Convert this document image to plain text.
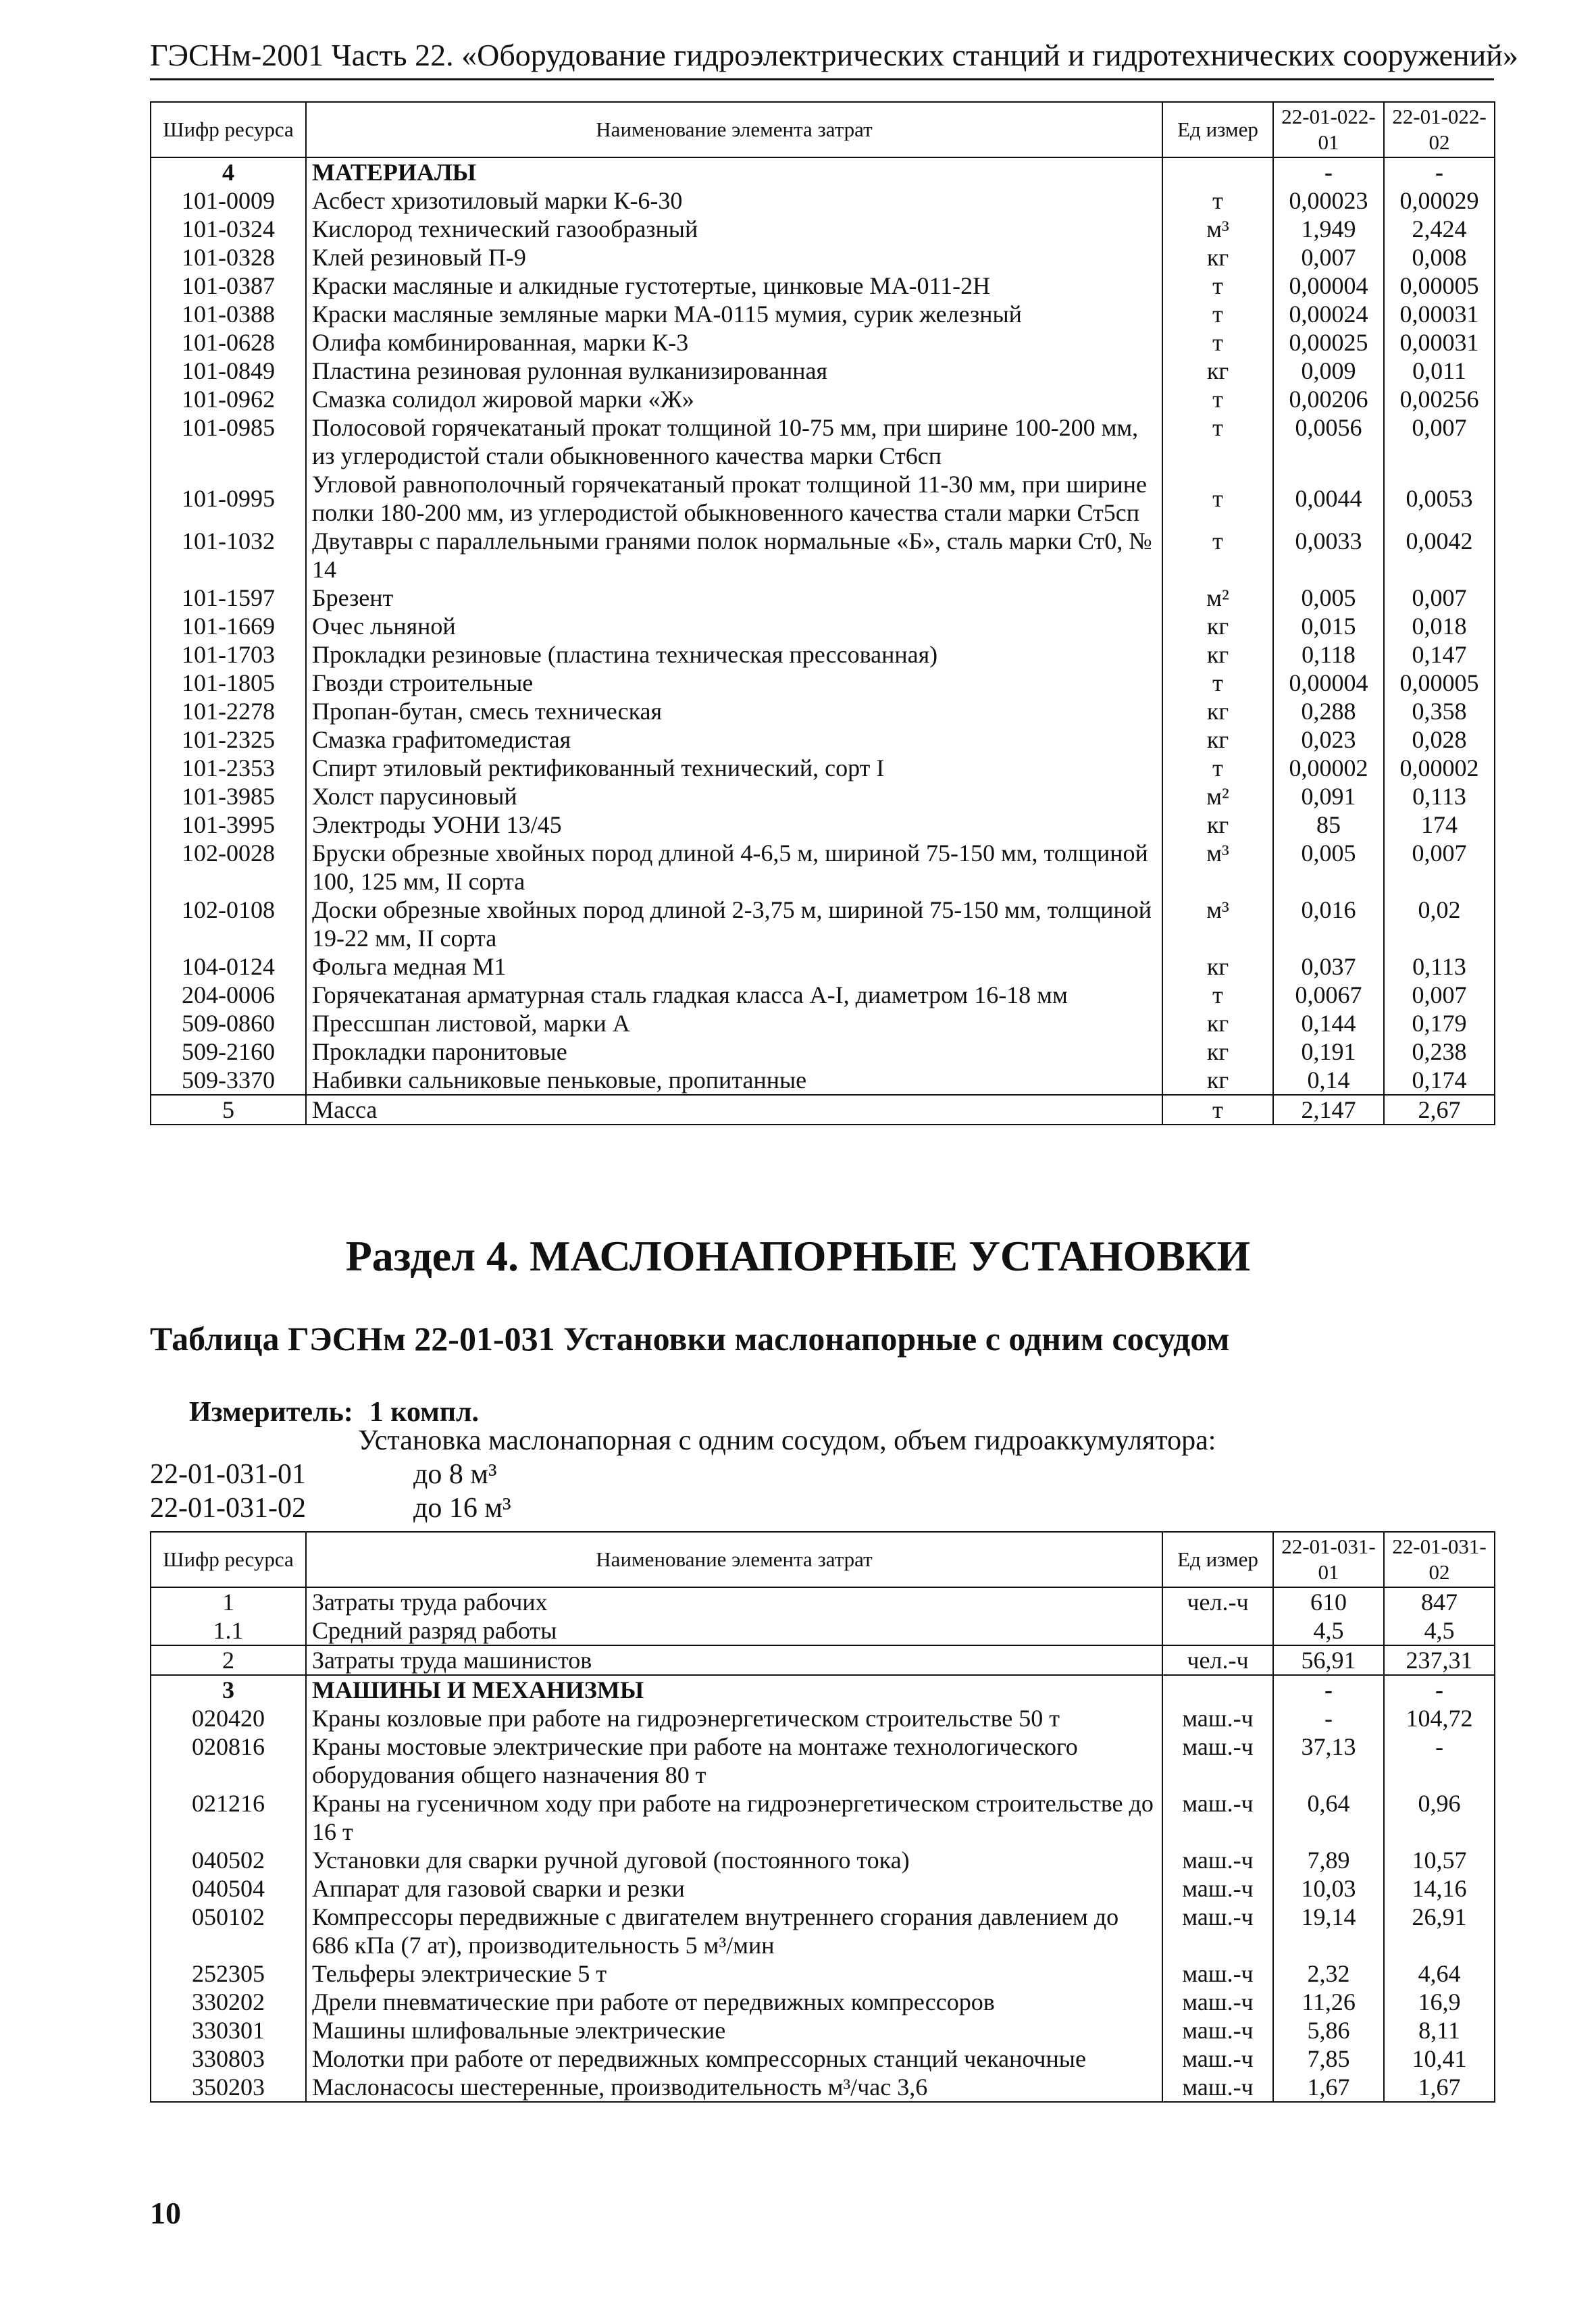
ГЭСНм-2001 Часть 22. «Оборудование гидроэлектрических станций и гидротехнических сооружений»
Шифр ресурса	Наименование элемента затрат	Ед измер	22-01-022-01	22-01-022-02
4	МАТЕРИАЛЫ		-	-
101-0009	Асбест хризотиловый марки К-6-30	т	0,00023	0,00029
101-0324	Кислород технический газообразный	м³	1,949	2,424
101-0328	Клей резиновый П-9	кг	0,007	0,008
101-0387	Краски масляные и алкидные густотертые, цинковые МА-011-2Н	т	0,00004	0,00005
101-0388	Краски масляные земляные марки МА-0115 мумия, сурик железный	т	0,00024	0,00031
101-0628	Олифа комбинированная, марки К-3	т	0,00025	0,00031
101-0849	Пластина резиновая рулонная вулканизированная	кг	0,009	0,011
101-0962	Смазка солидол жировой марки «Ж»	т	0,00206	0,00256
101-0985	Полосовой горячекатаный прокат толщиной 10-75 мм, при ширине 100-200 мм, из углеродистой стали обыкновенного качества марки Ст6сп	т	0,0056	0,007
101-0995	Угловой равнополочный горячекатаный прокат толщиной 11-30 мм, при ширине полки 180-200 мм, из углеродистой обыкновенного качества стали марки Ст5сп	т	0,0044	0,0053
101-1032	Двутавры с параллельными гранями полок нормальные «Б», сталь марки Ст0, № 14	т	0,0033	0,0042
101-1597	Брезент	м²	0,005	0,007
101-1669	Очес льняной	кг	0,015	0,018
101-1703	Прокладки резиновые (пластина техническая прессованная)	кг	0,118	0,147
101-1805	Гвозди строительные	т	0,00004	0,00005
101-2278	Пропан-бутан, смесь техническая	кг	0,288	0,358
101-2325	Смазка графитомедистая	кг	0,023	0,028
101-2353	Спирт этиловый ректификованный технический, сорт I	т	0,00002	0,00002
101-3985	Холст парусиновый	м²	0,091	0,113
101-3995	Электроды УОНИ 13/45	кг	85	174
102-0028	Бруски обрезные хвойных пород длиной 4-6,5 м, шириной 75-150 мм, толщиной 100, 125 мм, II сорта	м³	0,005	0,007
102-0108	Доски обрезные хвойных пород длиной 2-3,75 м, шириной 75-150 мм, толщиной 19-22 мм, II сорта	м³	0,016	0,02
104-0124	Фольга медная М1	кг	0,037	0,113
204-0006	Горячекатаная арматурная сталь гладкая класса А-I, диаметром 16-18 мм	т	0,0067	0,007
509-0860	Прессшпан листовой, марки А	кг	0,144	0,179
509-2160	Прокладки паронитовые	кг	0,191	0,238
509-3370	Набивки сальниковые пеньковые, пропитанные	кг	0,14	0,174
5	Масса	т	2,147	2,67
Раздел 4. МАСЛОНАПОРНЫЕ УСТАНОВКИ
Таблица ГЭСНм 22-01-031 Установки маслонапорные с одним сосудом
Измеритель: 1 компл.
Установка маслонапорная с одним сосудом, объем гидроаккумулятора:
22-01-031-01	до 8 м³
22-01-031-02	до 16 м³
Шифр ресурса	Наименование элемента затрат	Ед измер	22-01-031-01	22-01-031-02
1	Затраты труда рабочих	чел.-ч	610	847
1.1	Средний разряд работы		4,5	4,5
2	Затраты труда машинистов	чел.-ч	56,91	237,31
3	МАШИНЫ И МЕХАНИЗМЫ		-	-
020420	Краны козловые при работе на гидроэнергетическом строительстве 50 т	маш.-ч	-	104,72
020816	Краны мостовые электрические при работе на монтаже технологического оборудования общего назначения 80 т	маш.-ч	37,13	-
021216	Краны на гусеничном ходу при работе на гидроэнергетическом строительстве до 16 т	маш.-ч	0,64	0,96
040502	Установки для сварки ручной дуговой (постоянного тока)	маш.-ч	7,89	10,57
040504	Аппарат для газовой сварки и резки	маш.-ч	10,03	14,16
050102	Компрессоры передвижные с двигателем внутреннего сгорания давлением до 686 кПа (7 ат), производительность 5 м³/мин	маш.-ч	19,14	26,91
252305	Тельферы электрические 5 т	маш.-ч	2,32	4,64
330202	Дрели пневматические при работе от передвижных компрессоров	маш.-ч	11,26	16,9
330301	Машины шлифовальные электрические	маш.-ч	5,86	8,11
330803	Молотки при работе от передвижных компрессорных станций чеканочные	маш.-ч	7,85	10,41
350203	Маслонасосы шестеренные, производительность м³/час 3,6	маш.-ч	1,67	1,67
10
